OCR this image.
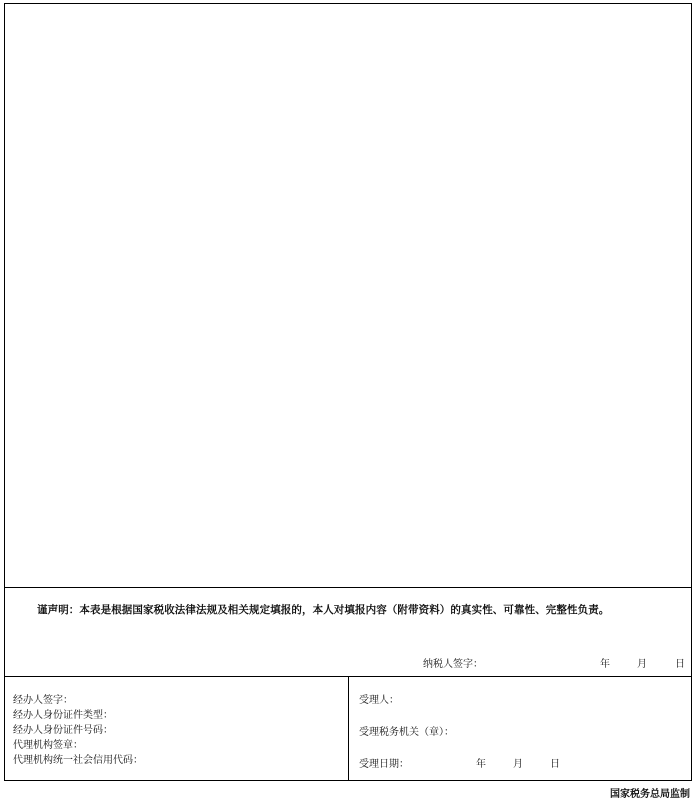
谨声明：本表是根据国家税收法律法规及相关规定填报的，本人对填报内容（附带资料）的真实性、可靠性、完整性负责。
纳税人签字：	年	月	日
经办人签字：
经办人身份证件类型：
经办人身份证件号码：
代理机构签章：
代理机构统一社会信用代码：
受理人：
受理税务机关（章）：
受理日期：	年	月	日
国家税务总局监制
